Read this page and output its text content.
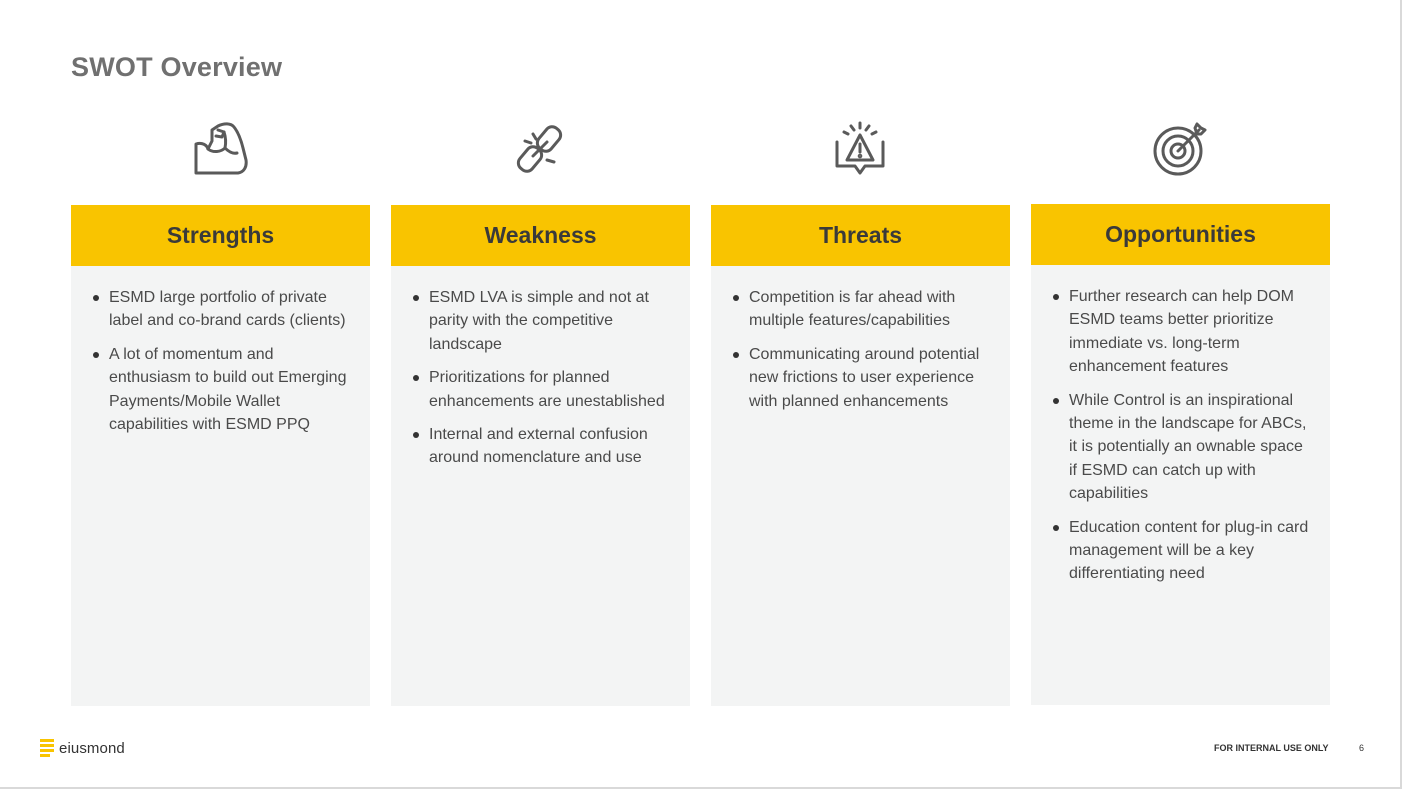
SWOT Overview
Strengths
ESMD large portfolio of private label and co-brand cards (clients)
A lot of momentum and enthusiasm to build out Emerging Payments/Mobile Wallet capabilities with ESMD PPQ
Weakness
ESMD LVA is simple and not at parity with the competitive landscape
Prioritizations for planned enhancements are unestablished
Internal and external confusion around nomenclature and use
Threats
Competition is far ahead with multiple features/capabilities
Communicating around potential new frictions to user experience with planned enhancements
Opportunities
Further research can help DOM ESMD teams better prioritize immediate vs. long-term enhancement features
While Control is an inspirational theme in the landscape for ABCs, it is potentially an ownable space if ESMD can catch up with capabilities
Education content for plug-in card management will be a key differentiating need
eiusmond	FOR INTERNAL USE ONLY	6
